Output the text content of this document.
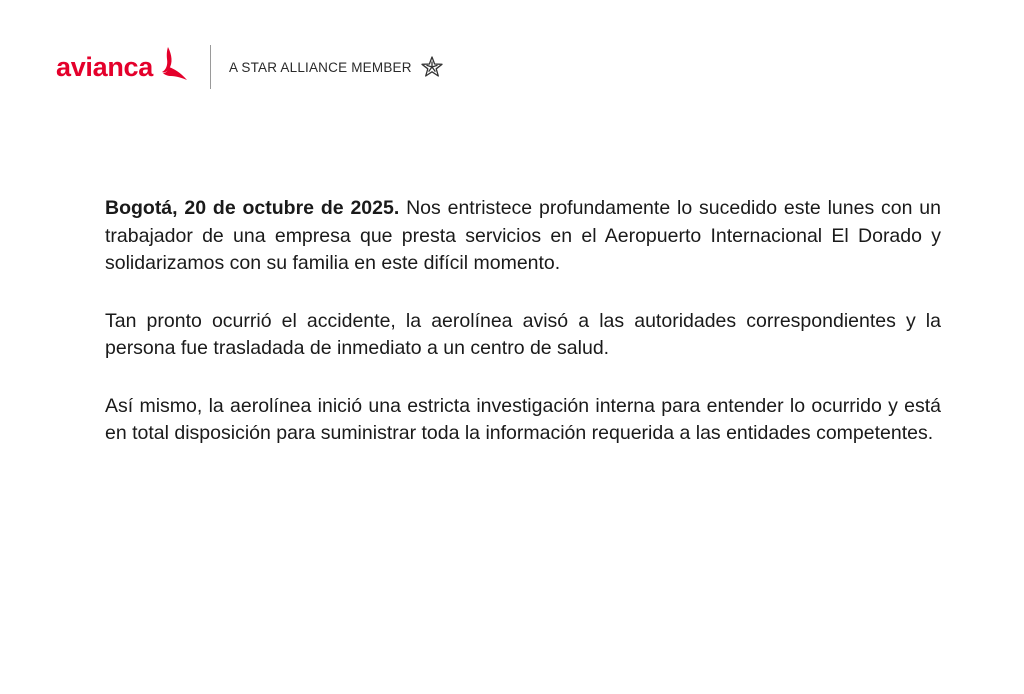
avianca	A STAR ALLIANCE MEMBER

Bogotá, 20 de octubre de 2025. Nos entristece profundamente lo sucedido este lunes con un trabajador de una empresa que presta servicios en el Aeropuerto Internacional El Dorado y solidarizamos con su familia en este difícil momento.

Tan pronto ocurrió el accidente, la aerolínea avisó a las autoridades correspondientes y la persona fue trasladada de inmediato a un centro de salud.

Así mismo, la aerolínea inició una estricta investigación interna para entender lo ocurrido y está en total disposición para suministrar toda la información requerida a las entidades competentes.
